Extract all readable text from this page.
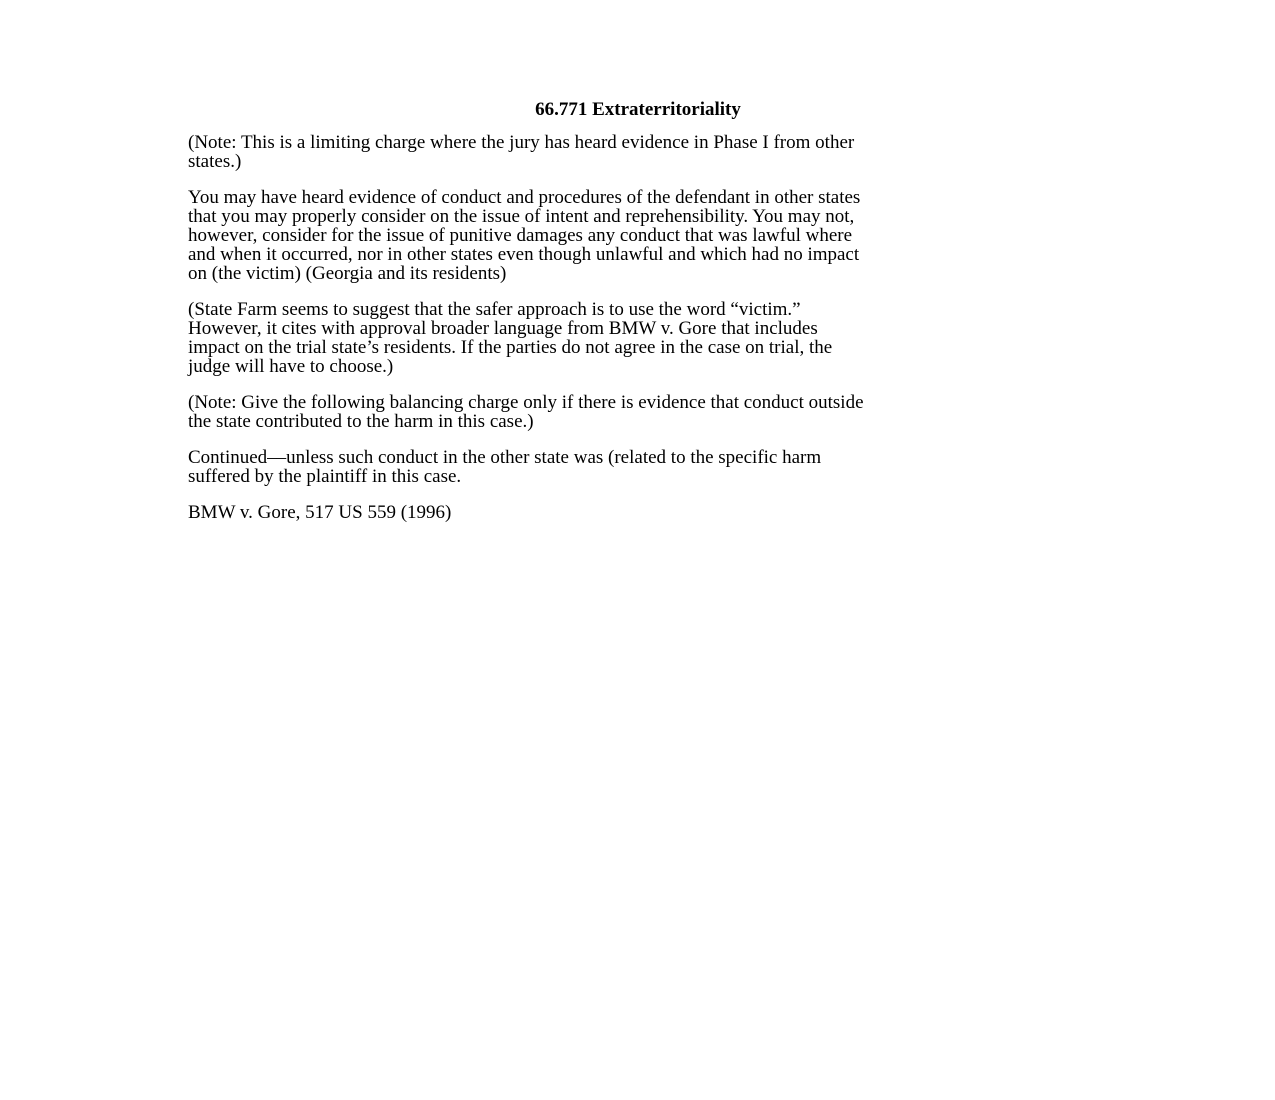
66.771 Extraterritoriality

(Note: This is a limiting charge where the jury has heard evidence in Phase I from other
states.)

You may have heard evidence of conduct and procedures of the defendant in other states
that you may properly consider on the issue of intent and reprehensibility. You may not,
however, consider for the issue of punitive damages any conduct that was lawful where
and when it occurred, nor in other states even though unlawful and which had no impact
on (the victim) (Georgia and its residents)

(State Farm seems to suggest that the safer approach is to use the word “victim.”
However, it cites with approval broader language from BMW v. Gore that includes
impact on the trial state’s residents. If the parties do not agree in the case on trial, the
judge will have to choose.)

(Note: Give the following balancing charge only if there is evidence that conduct outside
the state contributed to the harm in this case.)

Continued––unless such conduct in the other state was (related to the specific harm
suffered by the plaintiff in this case.

BMW v. Gore, 517 US 559 (1996)
